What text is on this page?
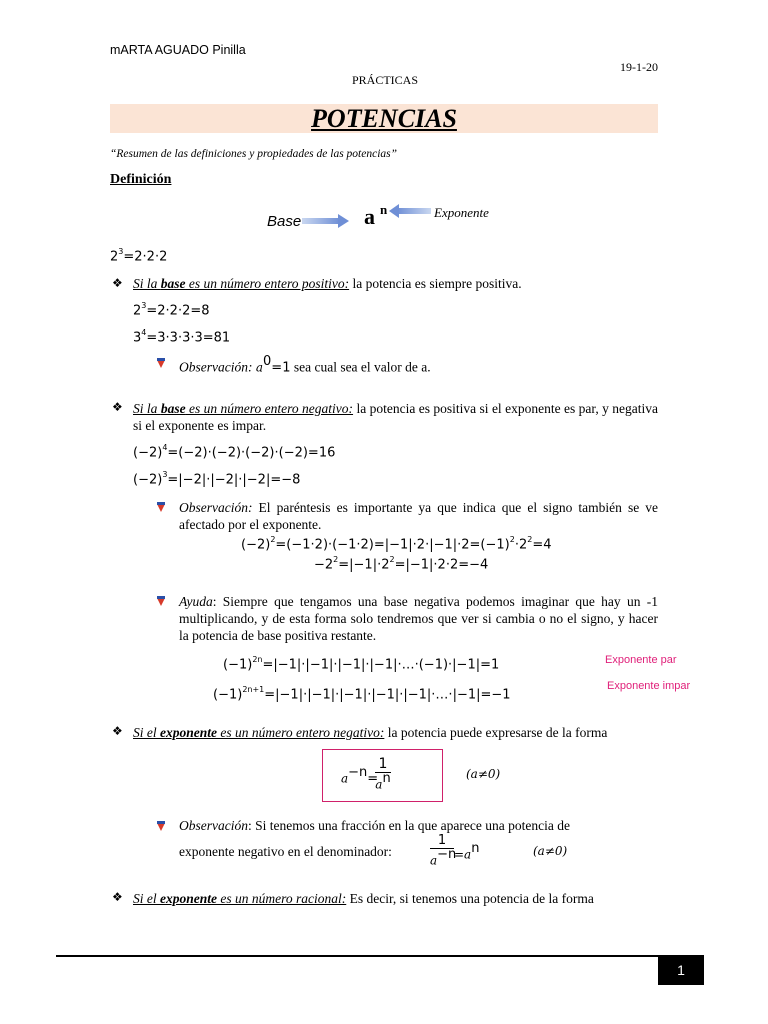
mARTA AGUADO Pinilla
19-1-20
PRÁCTICAS
POTENCIAS
“Resumen de las definiciones y propiedades de las potencias”
Definición
Base	a n	Exponente
$2^3=2\cdot 2\cdot 2$
❖ Si la base es un número entero positivo: la potencia es siempre positiva.
$2^3=2\cdot 2\cdot 2=8$
$3^4=3\cdot 3\cdot 3\cdot 3=81$
Observación: $a^0=1$ sea cual sea el valor de a.
❖ Si la base es un número entero negativo: la potencia es positiva si el exponente es par, y negativa si el exponente es impar.
$(-2)^4=(-2)\cdot(-2)\cdot(-2)\cdot(-2)=16$
$(-2)^3=|-2|\cdot|-2|\cdot|-2|=-8$
Observación: El paréntesis es importante ya que indica que el signo también se ve afectado por el exponente.
$(-2)^2=(-1\cdot 2)\cdot(-1\cdot 2)=|-1|\cdot 2\cdot|-1|\cdot 2=(-1)^2\cdot 2^2=4$
$-2^2=|-1|\cdot 2^2=|-1|\cdot 2\cdot 2=-4$
Ayuda: Siempre que tengamos una base negativa podemos imaginar que hay un -1 multiplicando, y de esta forma solo tendremos que ver si cambia o no el signo, y hacer la potencia de base positiva restante.
$(-1)^{2n}=|-1|\cdot|-1|\cdot|-1|\cdot|-1|\cdot\dots\cdot(-1)\cdot|-1|=1$
$(-1)^{2n+1}=|-1|\cdot|-1|\cdot|-1|\cdot|-1|\cdot|-1|\cdot\dots\cdot|-1|=-1$
Exponente par
Exponente impar
❖ Si el exponente es un número entero negativo: la potencia puede expresarse de la forma
$a^{-n}=$
1
$a^n$	(a≠0)
Observación: Si tenemos una fracción en la que aparece una potencia de
exponente negativo en el denominador:
1
$a^{-n}$
$=a^n$	(a≠0)
❖ Si el exponente es un número racional: Es decir, si tenemos una potencia de la forma
1
